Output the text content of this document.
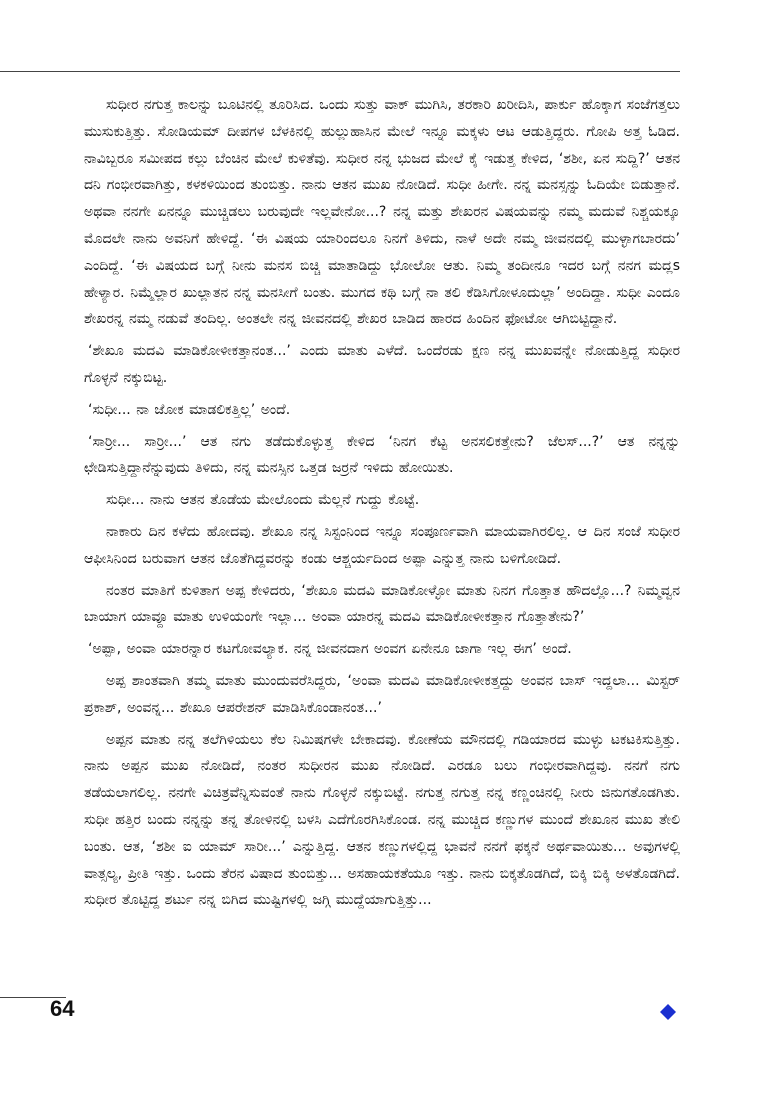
ಸುಧೀರ ನಗುತ್ತ ಕಾಲನ್ನು ಬೂಟಿನಲ್ಲಿ ತೂರಿಸಿದ. ಒಂದು ಸುತ್ತು ವಾಕ್ ಮುಗಿಸಿ, ತರಕಾರಿ ಖರೀದಿಸಿ, ಪಾರ್ಕು ಹೊಕ್ಕಾಗ ಸಂಜೆಗತ್ತಲು ಮುಸುಕುತ್ತಿತ್ತು. ಸೋಡಿಯಮ್ ದೀಪಗಳ ಬೆಳಕಿನಲ್ಲಿ ಹುಲ್ಲುಹಾಸಿನ ಮೇಲೆ ಇನ್ನೂ ಮಕ್ಕಳು ಆಟ ಆಡುತ್ತಿದ್ದರು. ಗೋಪಿ ಅತ್ತ ಓಡಿದ. ನಾವಿಬ್ಬರೂ ಸಮೀಪದ ಕಲ್ಲು ಬೆಂಚಿನ ಮೇಲೆ ಕುಳಿತೆವು. ಸುಧೀರ ನನ್ನ ಭುಜದ ಮೇಲೆ ಕೈ ಇಡುತ್ತ ಕೇಳಿದ, ‘ಶಶೀ, ಏನ ಸುದ್ದಿ?’ ಆತನ ದನಿ ಗಂಭೀರವಾಗಿತ್ತು, ಕಳಕಳಿಯಿಂದ ತುಂಬಿತ್ತು. ನಾನು ಆತನ ಮುಖ ನೋಡಿದೆ. ಸುಧೀ ಹೀಗೇ. ನನ್ನ ಮನಸ್ಸನ್ನು ಓದಿಯೇ ಬಿಡುತ್ತಾನೆ. ಅಥವಾ ನನಗೇ ಏನನ್ನೂ ಮುಚ್ಚಿಡಲು ಬರುವುದೇ ಇಲ್ಲವೇನೋ...? ನನ್ನ ಮತ್ತು ಶೇಖರನ ವಿಷಯವನ್ನು ನಮ್ಮ ಮದುವೆ ನಿಶ್ಚಯಕ್ಕೂ ಮೊದಲೇ ನಾನು ಅವನಿಗೆ ಹೇಳಿದ್ದೆ. ‘ಈ ವಿಷಯ ಯಾರಿಂದಲೂ ನಿನಗೆ ತಿಳಿದು, ನಾಳೆ ಅದೇ ನಮ್ಮ ಜೀವನದಲ್ಲಿ ಮುಳ್ಳಾಗಬಾರದು’ ಎಂದಿದ್ದೆ. ‘ಈ ವಿಷಯದ ಬಗ್ಗೆ ನೀನು ಮನಸ ಬಿಚ್ಚಿ ಮಾತಾಡಿದ್ದು ಭೋಲೋ ಆತು. ನಿಮ್ಮ ತಂದೀನೂ ಇದರ ಬಗ್ಗೆ ನನಗ ಮದ್ಲs ಹೇಳ್ಯಾರ. ನಿಮ್ಮೆಲ್ಲಾರ ಖುಲ್ಲಾತನ ನನ್ನ ಮನಸೀಗೆ ಬಂತು. ಮುಗದ ಕಥಿ ಬಗ್ಗೆ ನಾ ತಲಿ ಕೆಡಿಸಿಗೋಳೂದುಲ್ಲಾ’ ಅಂದಿದ್ದಾ. ಸುಧೀ ಎಂದೂ ಶೇಖರನ್ನ ನಮ್ಮ ನಡುವೆ ತಂದಿಲ್ಲ. ಅಂತಲೇ ನನ್ನ ಜೀವನದಲ್ಲಿ ಶೇಖರ ಬಾಡಿದ ಹಾರದ ಹಿಂದಿನ ಫೋಟೋ ಆಗಿಬಿಟ್ಟಿದ್ದಾನೆ.

‘ಶೇಖೂ ಮದವಿ ಮಾಡಿಕೋಳೀಕತ್ತಾನಂತ...’ ಎಂದು ಮಾತು ಎಳೆದೆ. ಒಂದೆರಡು ಕ್ಷಣ ನನ್ನ ಮುಖವನ್ನೇ ನೋಡುತ್ತಿದ್ದ ಸುಧೀರ ಗೊಳ್ಳನೆ ನಕ್ಕುಬಿಟ್ಟ.

‘ಸುಧೀ... ನಾ ಜೋಕ ಮಾಡಲಿಕತ್ತಿಲ್ಲ’ ಅಂದೆ.

‘ಸಾರ್‍ರೀ... ಸಾರ್‍ರೀ...’ ಆತ ನಗು ತಡೆದುಕೊಳ್ಳುತ್ತ ಕೇಳಿದ ‘ನಿನಗ ಕೆಟ್ಟ ಅನಸಲಿಕತ್ತೇನು? ಜೆಲಸ್...?’ ಆತ ನನ್ನನ್ನು ಛೇಡಿಸುತ್ತಿದ್ದಾನೆನ್ನುವುದು ತಿಳಿದು, ನನ್ನ ಮನಸ್ಸಿನ ಒತ್ತಡ ಜರ್‍ರನೆ ಇಳಿದು ಹೋಯಿತು.

ಸುಧೀ... ನಾನು ಆತನ ತೊಡೆಯ ಮೇಲೊಂದು ಮೆಲ್ಲನೆ ಗುದ್ದು ಕೊಟ್ಟೆ.

ನಾಕಾರು ದಿನ ಕಳೆದು ಹೋದವು. ಶೇಖೂ ನನ್ನ ಸಿಸ್ಟಂನಿಂದ ಇನ್ನೂ ಸಂಪೂರ್ಣವಾಗಿ ಮಾಯವಾಗಿರಲಿಲ್ಲ. ಆ ದಿನ ಸಂಜೆ ಸುಧೀರ ಆಫೀಸಿನಿಂದ ಬರುವಾಗ ಆತನ ಜೊತೆಗಿದ್ದವರನ್ನು ಕಂಡು ಆಶ್ಚರ್ಯದಿಂದ ಅಪ್ಪಾ ಎನ್ನುತ್ತ ನಾನು ಬಳಿಗೋಡಿದೆ.

ನಂತರ ಮಾತಿಗೆ ಕುಳಿತಾಗ ಅಪ್ಪ ಕೇಳಿದರು, ‘ಶೇಖೂ ಮದವಿ ಮಾಡಿಕೋಳ್ಳೋ ಮಾತು ನಿನಗ ಗೊತ್ತಾತ ಹೌದಲ್ಲೊ...? ನಿಮ್ಮವ್ವನ ಬಾಯಾಗ ಯಾವ್ದೂ ಮಾತು ಉಳಿಯಂಗೇ ಇಲ್ಲಾ... ಅಂವಾ ಯಾರನ್ನ ಮದವಿ ಮಾಡಿಕೋಳೀಕತ್ತಾನ ಗೊತ್ತಾತೇನು?’

‘ಅಪ್ಪಾ, ಅಂವಾ ಯಾರನ್ನಾರ ಕಟಗೋವಲ್ಯಾಕ. ನನ್ನ ಜೀವನದಾಗ ಅಂವಗ ಏನೇನೂ ಜಾಗಾ ಇಲ್ಲ ಈಗ’ ಅಂದೆ.

ಅಪ್ಪ ಶಾಂತವಾಗಿ ತಮ್ಮ ಮಾತು ಮುಂದುವರೆಸಿದ್ದರು, ‘ಅಂವಾ ಮದವಿ ಮಾಡಿಕೋಳೀಕತ್ತದ್ದು ಅಂವನ ಬಾಸ್ ಇದ್ದಲಾ... ಮಿಸ್ಟರ್ ಪ್ರಕಾಶ್, ಅಂವನ್ನ... ಶೇಖೂ ಆಪರೇಶನ್ ಮಾಡಿಸಿಕೊಂಡಾನಂತ...’

ಅಪ್ಪನ ಮಾತು ನನ್ನ ತಲೆಗಿಳಿಯಲು ಕೆಲ ನಿಮಿಷಗಳೇ ಬೇಕಾದವು. ಕೋಣೆಯ ಮೌನದಲ್ಲಿ ಗಡಿಯಾರದ ಮುಳ್ಳು ಟಕಟಕಿಸುತ್ತಿತ್ತು. ನಾನು ಅಪ್ಪನ ಮುಖ ನೋಡಿದೆ, ನಂತರ ಸುಧೀರನ ಮುಖ ನೋಡಿದೆ. ಎರಡೂ ಬಲು ಗಂಭೀರವಾಗಿದ್ದವು. ನನಗೆ ನಗು ತಡೆಯಲಾಗಲಿಲ್ಲ. ನನಗೇ ವಿಚಿತ್ರವೆನ್ನಿಸುವಂತೆ ನಾನು ಗೊಳ್ಳನೆ ನಕ್ಕುಬಿಟ್ಟೆ. ನಗುತ್ತ ನಗುತ್ತ ನನ್ನ ಕಣ್ಣಂಚಿನಲ್ಲಿ ನೀರು ಜಿನುಗತೊಡಗಿತು. ಸುಧೀ ಹತ್ತಿರ ಬಂದು ನನ್ನನ್ನು ತನ್ನ ತೋಳಿನಲ್ಲಿ ಬಳಸಿ ಎದೆಗೊರಗಿಸಿಕೊಂಡ. ನನ್ನ ಮುಚ್ಚಿದ ಕಣ್ಣುಗಳ ಮುಂದೆ ಶೇಖೂನ ಮುಖ ತೇಲಿ ಬಂತು. ಆತ, ‘ಶಶೀ ಐ ಯಾಮ್ ಸಾರೀ...’ ಎನ್ನುತ್ತಿದ್ದ. ಆತನ ಕಣ್ಣುಗಳಲ್ಲಿದ್ದ ಭಾವನೆ ನನಗೆ ಫಕ್ಕನೆ ಅರ್ಥವಾಯಿತು... ಅವುಗಳಲ್ಲಿ ವಾತ್ಸಲ್ಯ, ಪ್ರೀತಿ ಇತ್ತು. ಒಂದು ತೆರನ ವಿಷಾದ ತುಂಬಿತ್ತು... ಅಸಹಾಯಕತೆಯೂ ಇತ್ತು. ನಾನು ಬಿಕ್ಕತೊಡಗಿದೆ, ಬಿಕ್ಕಿ ಬಿಕ್ಕಿ ಅಳತೊಡಗಿದೆ. ಸುಧೀರ ತೊಟ್ಟಿದ್ದ ಶರ್ಟು ನನ್ನ ಬಿಗಿದ ಮುಷ್ಟಿಗಳಲ್ಲಿ ಜಗ್ಗಿ ಮುದ್ದೆಯಾಗುತ್ತಿತ್ತು...

64
